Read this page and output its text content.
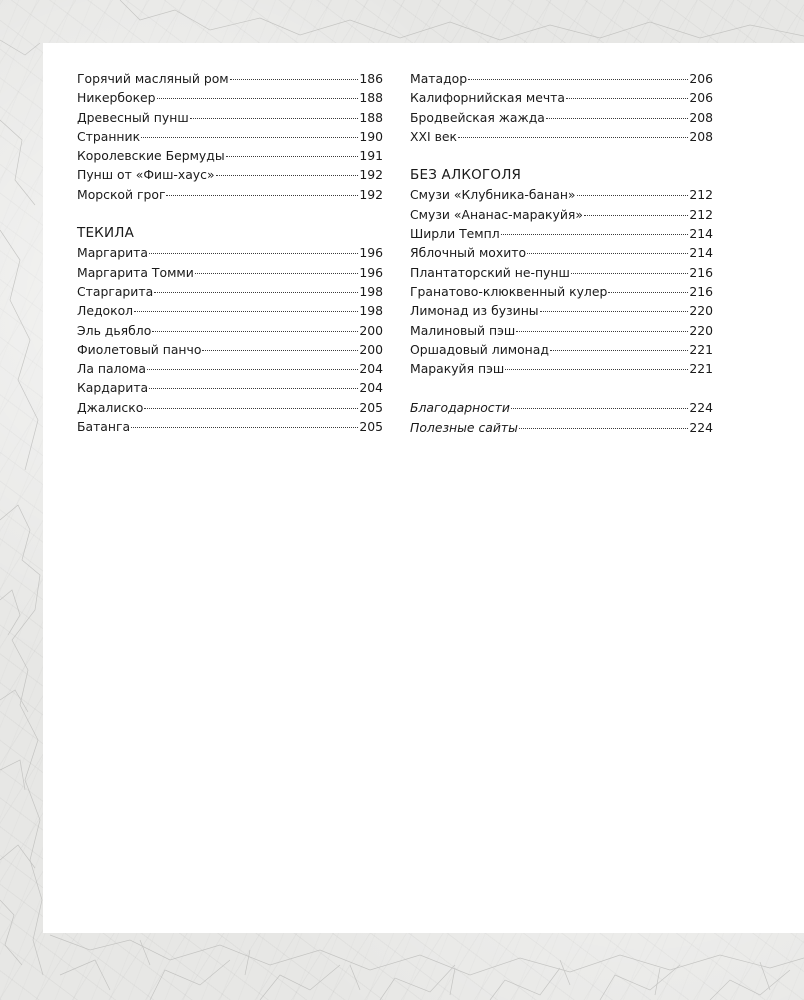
Горячий масляный ром	186
Никербокер	188
Древесный пунш	188
Странник	190
Королевские Бермуды	191
Пунш от «Фиш-хаус»	192
Морской грог	192
ТЕКИЛА
Маргарита	196
Маргарита Томми	196
Старгарита	198
Ледокол	198
Эль дьябло	200
Фиолетовый панчо	200
Ла палома	204
Кардарита	204
Джалиско	205
Батанга	205
Матадор	206
Калифорнийская мечта	206
Бродвейская жажда	208
XXI век	208
БЕЗ АЛКОГОЛЯ
Смузи «Клубника-банан»	212
Смузи «Ананас-маракуйя»	212
Ширли Темпл	214
Яблочный мохито	214
Плантаторский не-пунш	216
Гранатово-клюквенный кулер	216
Лимонад из бузины	220
Малиновый пэш	220
Оршадовый лимонад	221
Маракуйя пэш	221
Благодарности	224
Полезные сайты	224
